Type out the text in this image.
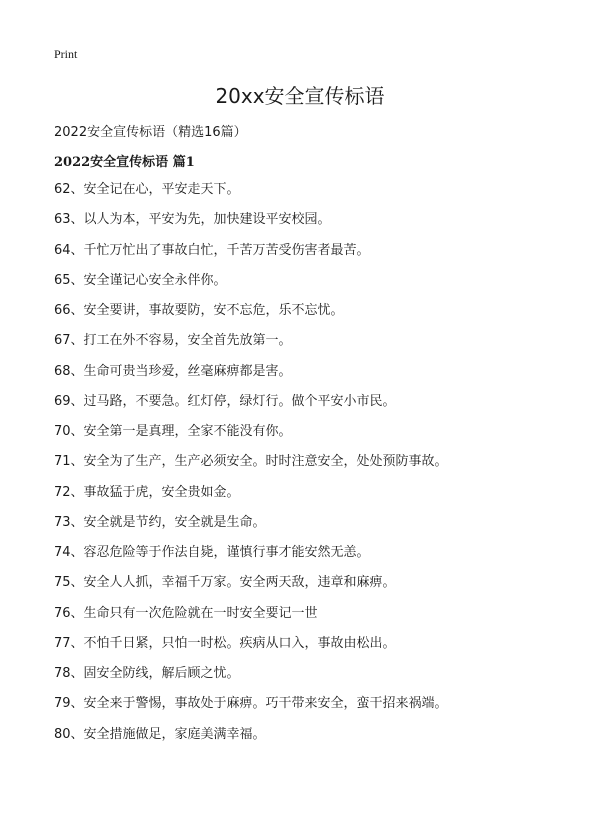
Print
20xx安全宣传标语
2022安全宣传标语（精选16篇）
2022安全宣传标语 篇1
62、安全记在心，平安走天下。
63、以人为本，平安为先，加快建设平安校园。
64、千忙万忙出了事故白忙，千苦万苦受伤害者最苦。
65、安全谨记心安全永伴你。
66、安全要讲，事故要防，安不忘危，乐不忘忧。
67、打工在外不容易，安全首先放第一。
68、生命可贵当珍爱，丝毫麻痹都是害。
69、过马路，不要急。红灯停，绿灯行。做个平安小市民。
70、安全第一是真理，全家不能没有你。
71、安全为了生产，生产必须安全。时时注意安全，处处预防事故。
72、事故猛于虎，安全贵如金。
73、安全就是节约，安全就是生命。
74、容忍危险等于作法自毙，谨慎行事才能安然无恙。
75、安全人人抓，幸福千万家。安全两天敌，违章和麻痹。
76、生命只有一次危险就在一时安全要记一世
77、不怕千日紧，只怕一时松。疾病从口入，事故由松出。
78、固安全防线，解后顾之忧。
79、安全来于警惕，事故处于麻痹。巧干带来安全，蛮干招来祸端。
80、安全措施做足，家庭美满幸福。
